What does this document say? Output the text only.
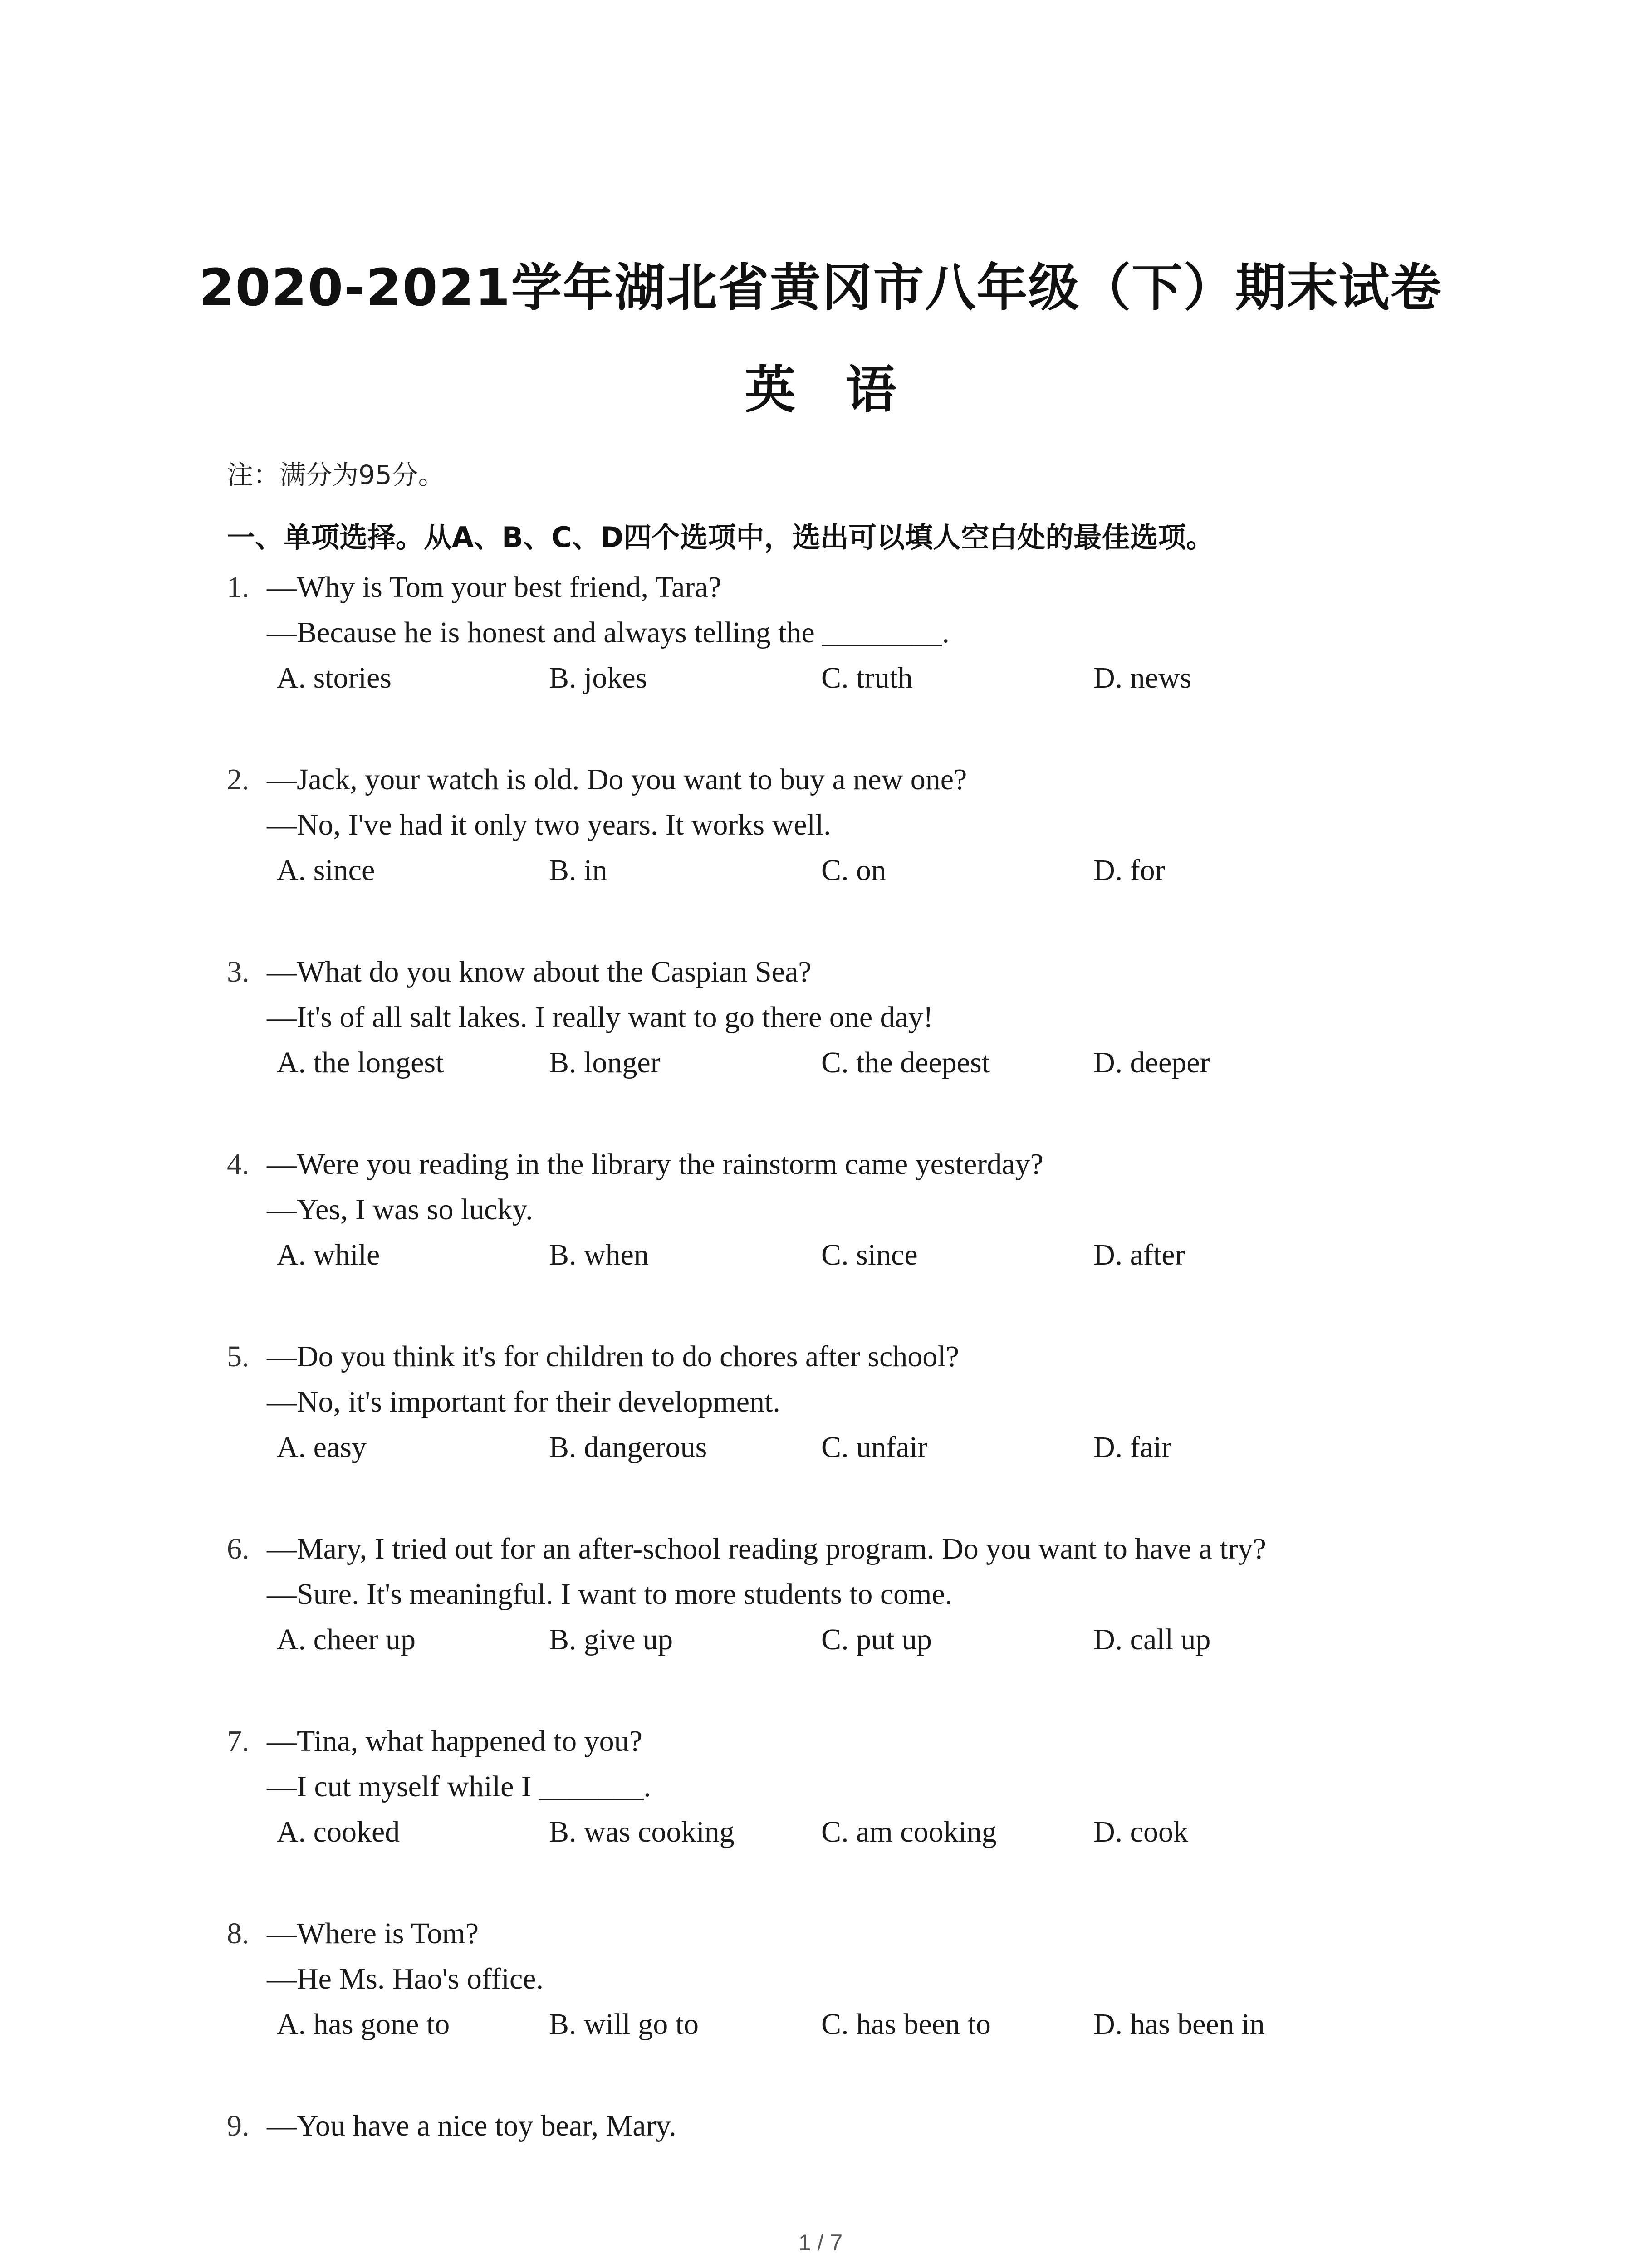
2020-2021学年湖北省黄冈市八年级（下）期末试卷
英语
注：满分为95分。
一、单项选择。从A、B、C、D四个选项中，选出可以填人空白处的最佳选项。
1. —Why is Tom your best friend, Tara?
—Because he is honest and always telling the ________.
A. stories	B. jokes	C. truth	D. news
2. —Jack, your watch is old. Do you want to buy a new one?
—No, I've had it only two years. It works well.
A. since	B. in	C. on	D. for
3. —What do you know about the Caspian Sea?
—It's of all salt lakes. I really want to go there one day!
A. the longest	B. longer	C. the deepest	D. deeper
4. —Were you reading in the library the rainstorm came yesterday?
—Yes, I was so lucky.
A. while	B. when	C. since	D. after
5. —Do you think it's for children to do chores after school?
—No, it's important for their development.
A. easy	B. dangerous	C. unfair	D. fair
6. —Mary, I tried out for an after-school reading program. Do you want to have a try?
—Sure. It's meaningful. I want to more students to come.
A. cheer up	B. give up	C. put up	D. call up
7. —Tina, what happened to you?
—I cut myself while I _______.
A. cooked	B. was cooking	C. am cooking	D. cook
8. —Where is Tom?
—He Ms. Hao's office.
A. has gone to	B. will go to	C. has been to	D. has been in
9. —You have a nice toy bear, Mary.
1 / 7
